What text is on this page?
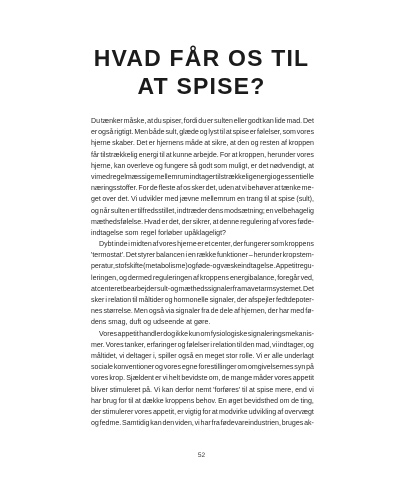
HVAD FÅR OS TIL
AT SPISE?
Du tænker måske, at du spiser, fordi du er sulten eller godt kan lide mad. Det
er også rigtigt. Men både sult, glæde og lyst til at spise er følelser, som vores
hjerne skaber. Det er hjernens måde at sikre, at den og resten af kroppen
får tilstrækkelig energi til at kunne arbejde. For at kroppen, herunder vores
hjerne, kan overleve og fungere så godt som muligt, er det nødvendigt, at
vi med regelmæssige mellemrum indtager tilstrækkelig energi og essentielle
næringsstoffer. For de fleste af os sker det, uden at vi behøver at tænke me-
get over det. Vi udvikler med jævne mellemrum en trang til at spise (sult),
og når sulten er tilfredsstillet, indtræder dens modsætning; en velbehagelig
mæthedsfølelse. Hvad er det, der sikrer, at denne regulering af vores føde-
indtagelse som regel forløber upåklageligt?
Dybt inde i midten af vores hjerne er et center, der fungerer som kroppens
'termostat'. Det styrer balancen i en række funktioner – herunder kropstem-
peratur, stofskifte (metabolisme) og føde- og væskeindtagelse. Appetitregu-
leringen, og dermed reguleringen af kroppens energibalance, foregår ved,
at centeret bearbejder sult- og mæthedssignaler fra mavetarmsystemet. Det
sker i relation til måltider og hormonelle signaler, der afspejler fedtdepoter-
nes størrelse. Men også via signaler fra de dele af hjernen, der har med fø-
dens smag, duft og udseende at gøre.
Vores appetit handler dog ikke kun om fysiologiske signaleringsmekanis-
mer. Vores tanker, erfaringer og følelser i relation til den mad, vi indtager, og
måltidet, vi deltager i, spiller også en meget stor rolle. Vi er alle underlagt
sociale konventioner og vores egne forestillinger om omgivelsernes syn på
vores krop. Sjældent er vi helt bevidste om, de mange måder vores appetit
bliver stimuleret på. Vi kan derfor nemt 'forføres' til at spise mere, end vi
har brug for til at dække kroppens behov. En øget bevidsthed om de ting,
der stimulerer vores appetit, er vigtig for at modvirke udvikling af overvægt
og fedme. Samtidig kan den viden, vi har fra fødevareindustrien, bruges ak-
52
